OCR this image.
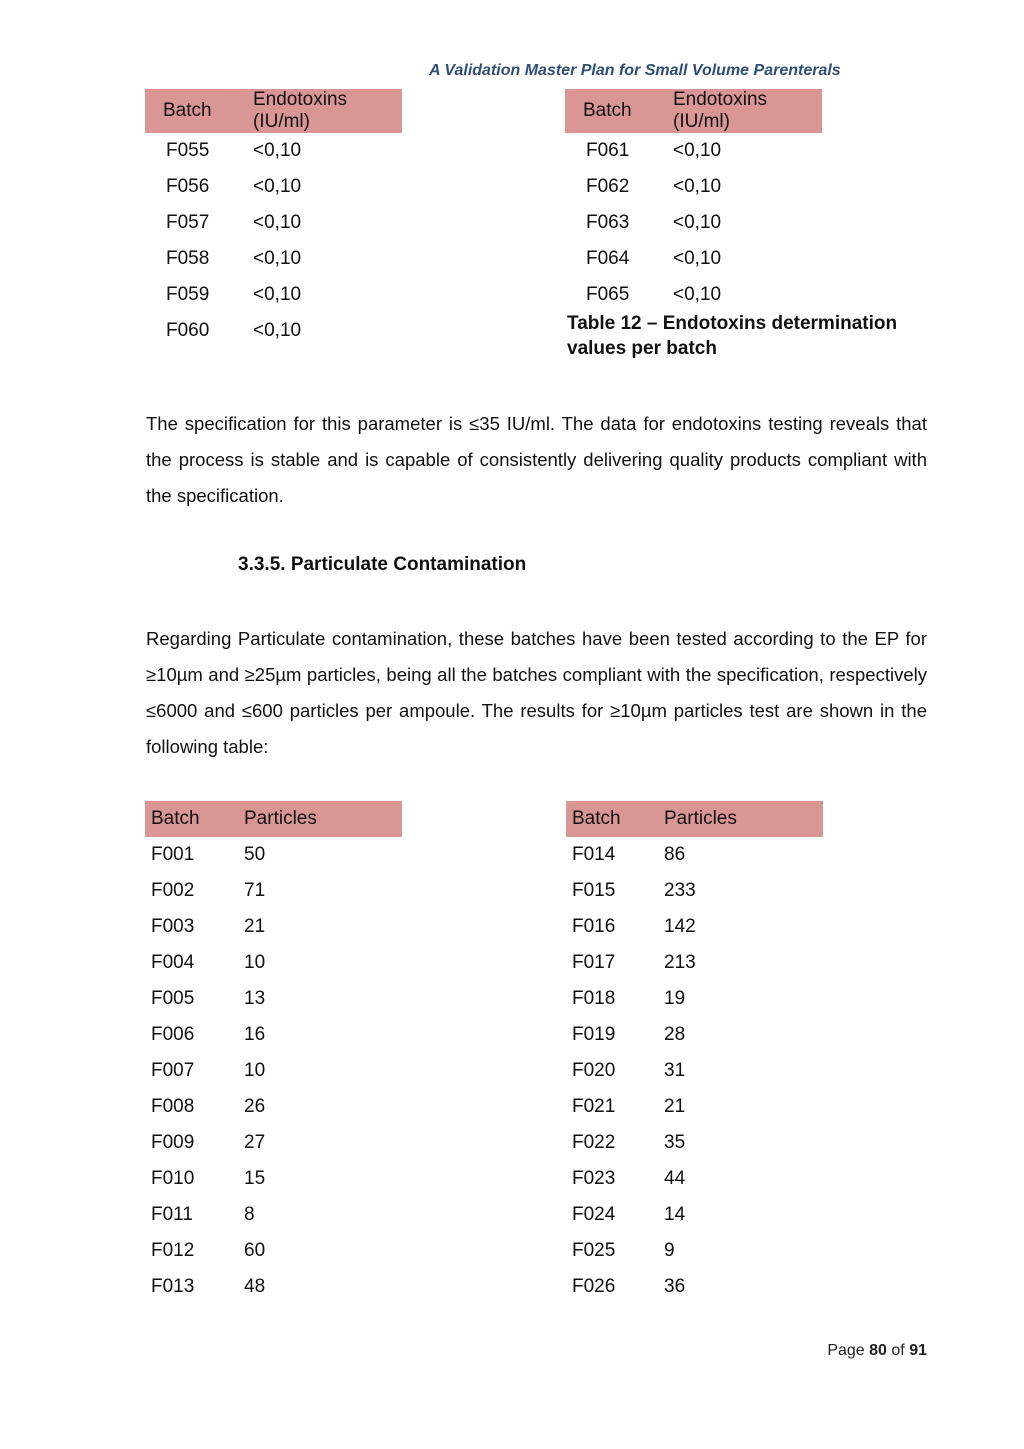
A Validation Master Plan for Small Volume Parenterals
Batch	Endotoxins (IU/ml)
F055	<0,10
F056	<0,10
F057	<0,10
F058	<0,10
F059	<0,10
F060	<0,10
Batch	Endotoxins (IU/ml)
F061	<0,10
F062	<0,10
F063	<0,10
F064	<0,10
F065	<0,10
Table 12 – Endotoxins determination values per batch

The specification for this parameter is ≤35 IU/ml. The data for endotoxins testing reveals that the process is stable and is capable of consistently delivering quality products compliant with the specification.

3.3.5. Particulate Contamination

Regarding Particulate contamination, these batches have been tested according to the EP for ≥10µm and ≥25µm particles, being all the batches compliant with the specification, respectively ≤6000 and ≤600 particles per ampoule. The results for ≥10µm particles test are shown in the following table:

Batch	Particles
F001	50
F002	71
F003	21
F004	10
F005	13
F006	16
F007	10
F008	26
F009	27
F010	15
F011	8
F012	60
F013	48
Batch	Particles
F014	86
F015	233
F016	142
F017	213
F018	19
F019	28
F020	31
F021	21
F022	35
F023	44
F024	14
F025	9
F026	36
Page 80 of 91
